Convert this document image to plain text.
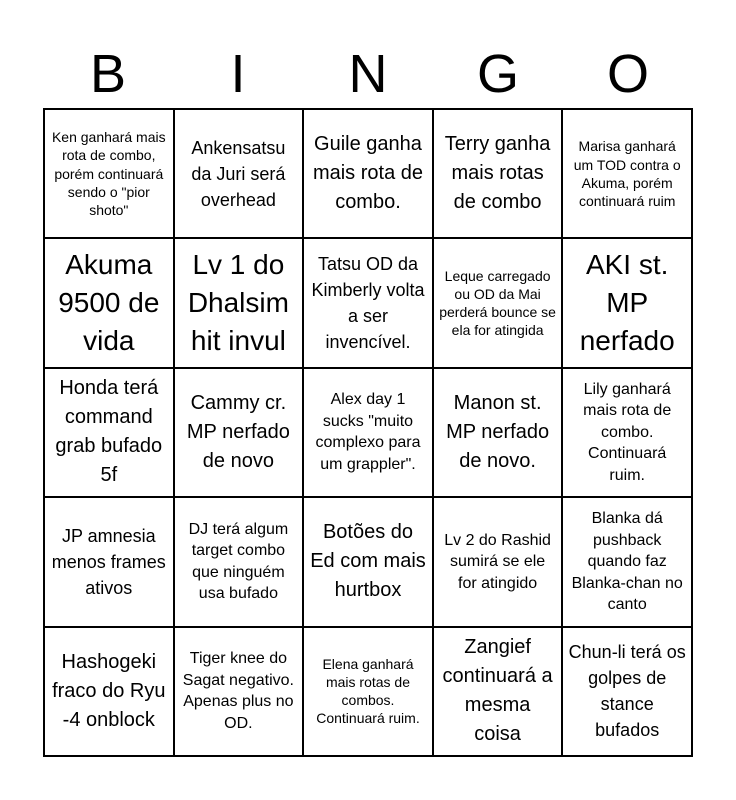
B	I	N	G	O
Ken ganhará mais rota de combo, porém continuará sendo o "pior shoto"
Ankensatsu da Juri será overhead
Guile ganha mais rota de combo.
Terry ganha mais rotas de combo
Marisa ganhará um TOD contra o Akuma, porém continuará ruim
Akuma 9500 de vida
Lv 1 do Dhalsim hit invul
Tatsu OD da Kimberly volta a ser invencível.
Leque carregado ou OD da Mai perderá bounce se ela for atingida
AKI st. MP nerfado
Honda terá command grab bufado 5f
Cammy cr. MP nerfado de novo
Alex day 1 sucks "muito complexo para um grappler".
Manon st. MP nerfado de novo.
Lily ganhará mais rota de combo. Continuará ruim.
JP amnesia menos frames ativos
DJ terá algum target combo que ninguém usa bufado
Botões do Ed com mais hurtbox
Lv 2 do Rashid sumirá se ele for atingido
Blanka dá pushback quando faz Blanka-chan no canto
Hashogeki fraco do Ryu -4 onblock
Tiger knee do Sagat negativo. Apenas plus no OD.
Elena ganhará mais rotas de combos. Continuará ruim.
Zangief continuará a mesma coisa
Chun-li terá os golpes de stance bufados
